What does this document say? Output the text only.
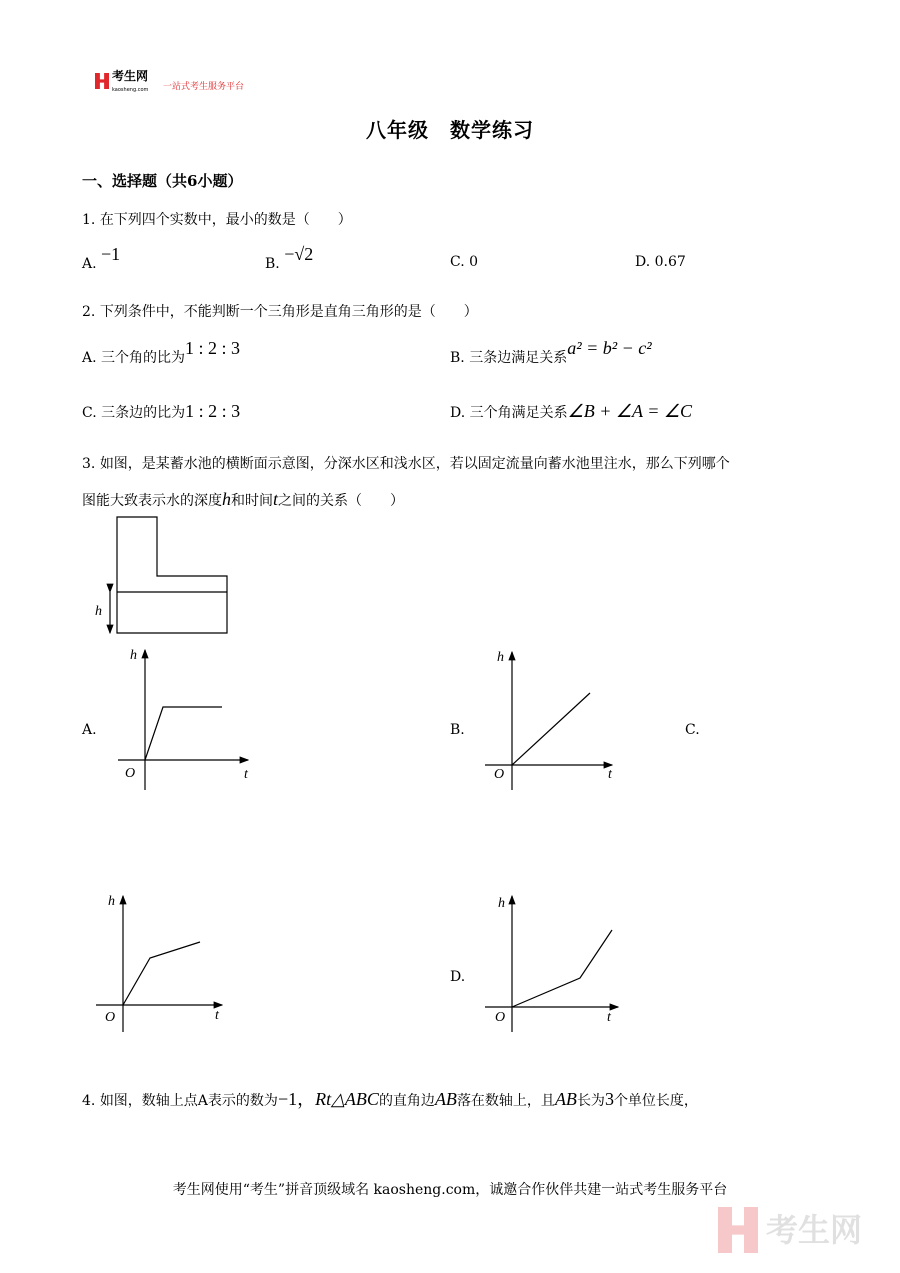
考生网
kaosheng.com 一站式考生服务平台
八年级　数学练习
一、选择题（共6小题）
1. 在下列四个实数中，最小的数是（　　）
A. −1	B. −√2	C. 0	D. 0.67
2. 下列条件中，不能判断一个三角形是直角三角形的是（　　）
A. 三个角的比为1 : 2 : 3	B. 三条边满足关系a² = b² − c²
C. 三条边的比为1 : 2 : 3	D. 三个角满足关系∠B + ∠A = ∠C
3. 如图，是某蓄水池的横断面示意图，分深水区和浅水区，若以固定流量向蓄水池里注水，那么下列哪个
图能大致表示水的深度h和时间t之间的关系（　　）
h
A.
h
O	t
B.
h
O	t
C.
h
O	t
D.
h
O	t
4. 如图，数轴上点A表示的数为−1，Rt△ABC的直角边AB落在数轴上，且AB长为3个单位长度，
考生网使用“考生”拼音顶级域名 kaosheng.com，诚邀合作伙伴共建一站式考生服务平台
考生网
